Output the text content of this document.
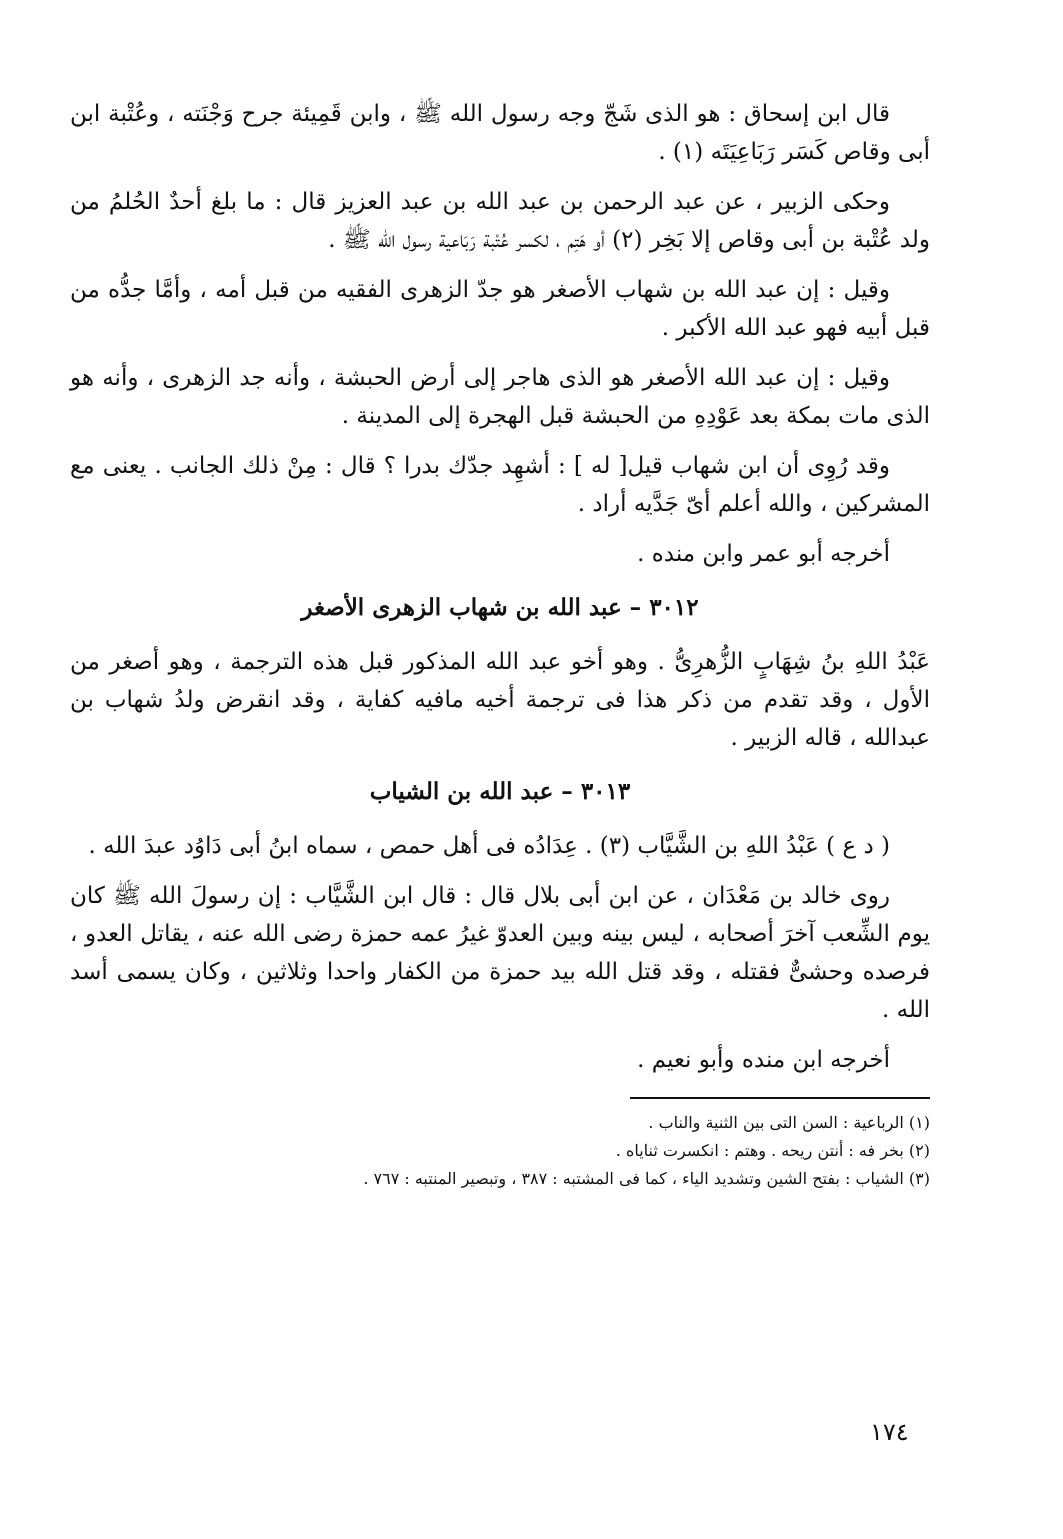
قال ابن إسحاق : هو الذى شَجّ وجه رسول الله ﷺ ، وابن قَمِيئة جرح وَجْنَته ، وعُتْبة ابن أبى وقاص كَسَر رَبَاعِيَتَه (١) .

وحكى الزبير ، عن عبد الرحمن بن عبد الله بن عبد العزيز قال : ما بلغ أحدٌ الحُلمُ من ولد عُتْبة بن أبى وقاص إلا بَخِر (٢) أو هَتِم ، لكسر عُتْبة رَبَاعية رسول الله ﷺ .

وقيل : إن عبد الله بن شهاب الأصغر هو جدّ الزهرى الفقيه من قبل أمه ، وأمَّا جدُّه من قبل أبيه فهو عبد الله الأكبر .

وقيل : إن عبد الله الأصغر هو الذى هاجر إلى أرض الحبشة ، وأنه جد الزهرى ، وأنه هو الذى مات بمكة بعد عَوْدِهِ من الحبشة قبل الهجرة إلى المدينة .

وقد رُوِى أن ابن شهاب قيل[ له ] : أشهِد جدّك بدرا ؟ قال : مِنْ ذلك الجانب . يعنى مع المشركين ، والله أعلم أىّ جَدَّيه أراد .

أخرجه أبو عمر وابن منده .

٣٠١٢ – عبد الله بن شهاب الزهرى الأصغر

عَبْدُ اللهِ بنُ شِهَابٍ الزُّهرِىُّ . وهو أخو عبد الله المذكور قبل هذه الترجمة ، وهو أصغر من الأول ، وقد تقدم من ذكر هذا فى ترجمة أخيه مافيه كفاية ، وقد انقرض ولدُ شهاب بن عبدالله ، قاله الزبير .

٣٠١٣ – عبد الله بن الشياب

( د ع ) عَبْدُ اللهِ بن الشَّيَّاب (٣) . عِدَادُه فى أهل حمص ، سماه ابنُ أبى دَاوُد عبدَ الله .

روى خالد بن مَعْدَان ، عن ابن أبى بلال قال : قال ابن الشَّيَّاب : إن رسولَ الله ﷺ كان يوم الشِّعب آخرَ أصحابه ، ليس بينه وبين العدوّ غيرُ عمه حمزة رضى الله عنه ، يقاتل العدو ، فرصده وحشىٌّ فقتله ، وقد قتل الله بيد حمزة من الكفار واحدا وثلاثين ، وكان يسمى أسد الله .

أخرجه ابن منده وأبو نعيم .

(١) الرباعية : السن التى بين الثنية والناب .

(٢) بخر فه : أنتن ريحه . وهتم : انكسرت ثناياه .

(٣) الشياب : بفتح الشين وتشديد الياء ، كما فى المشتبه : ٣٨٧ ، وتبصير المنتبه : ٧٦٧ .

١٧٤
